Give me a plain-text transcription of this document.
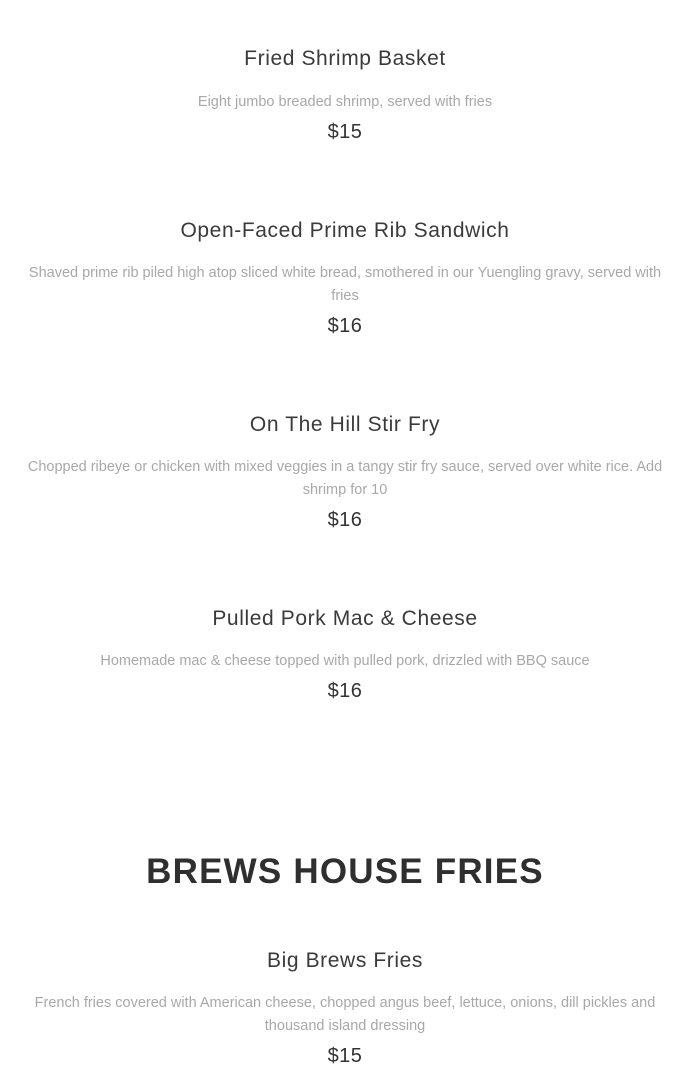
Fried Shrimp Basket

Eight jumbo breaded shrimp, served with fries

$15
Open-Faced Prime Rib Sandwich

Shaved prime rib piled high atop sliced white bread, smothered in our Yuengling gravy, served with fries

$16
On The Hill Stir Fry

Chopped ribeye or chicken with mixed veggies in a tangy stir fry sauce, served over white rice. Add shrimp for 10

$16
Pulled Pork Mac & Cheese

Homemade mac & cheese topped with pulled pork, drizzled with BBQ sauce

$16
BREWS HOUSE FRIES
Big Brews Fries

French fries covered with American cheese, chopped angus beef, lettuce, onions, dill pickles and thousand island dressing

$15
